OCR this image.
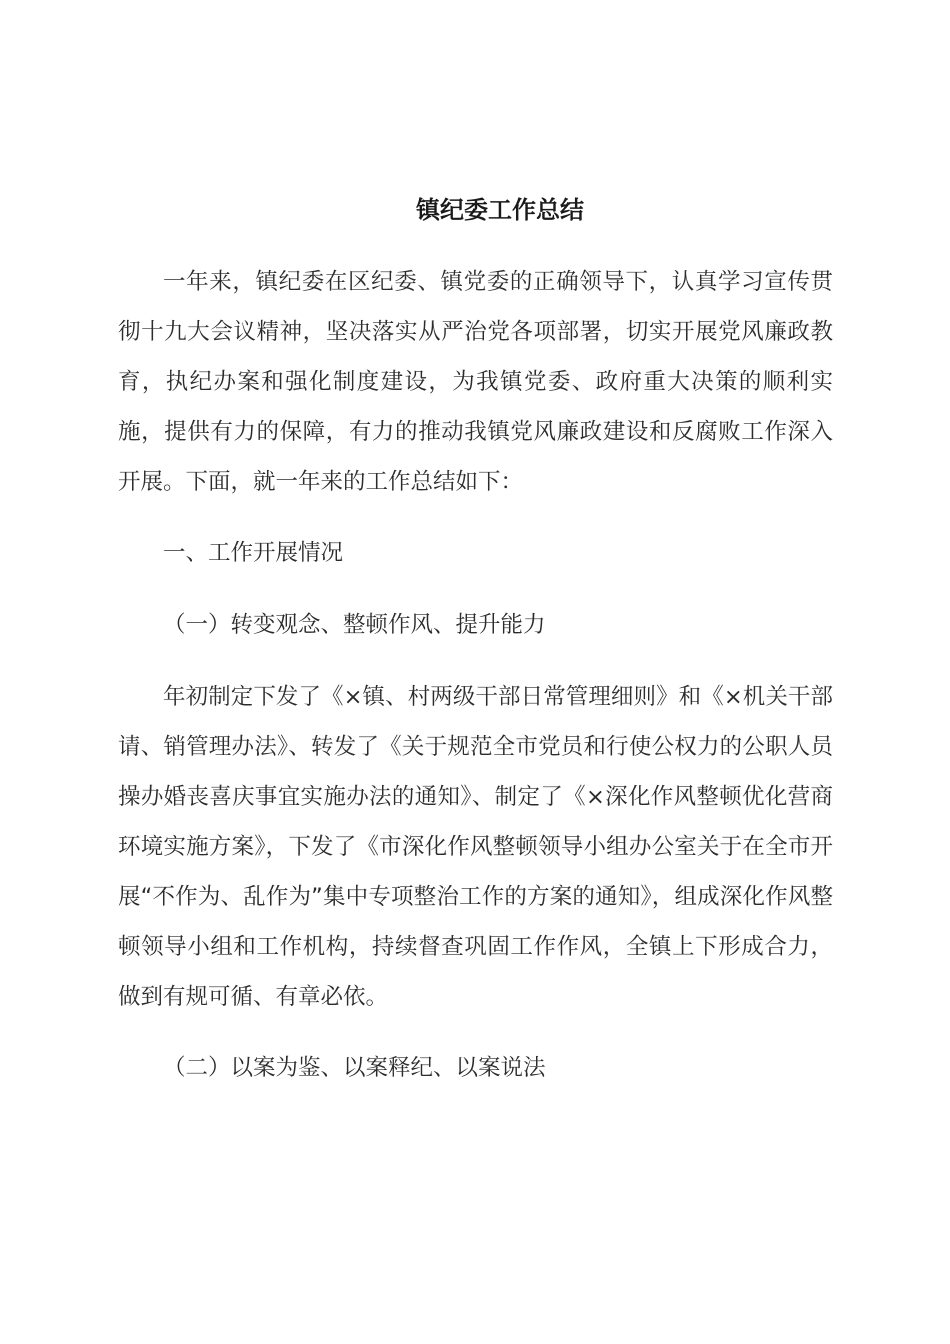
镇纪委工作总结

一年来，镇纪委在区纪委、镇党委的正确领导下，认真学习宣传贯彻十九大会议精神，坚决落实从严治党各项部署，切实开展党风廉政教育，执纪办案和强化制度建设，为我镇党委、政府重大决策的顺利实施，提供有力的保障，有力的推动我镇党风廉政建设和反腐败工作深入开展。下面，就一年来的工作总结如下：

一、工作开展情况

（一）转变观念、整顿作风、提升能力

年初制定下发了《×镇、村两级干部日常管理细则》和《×机关干部请、销管理办法》、转发了《关于规范全市党员和行使公权力的公职人员操办婚丧喜庆事宜实施办法的通知》、制定了《×深化作风整顿优化营商环境实施方案》，下发了《市深化作风整顿领导小组办公室关于在全市开展“不作为、乱作为”集中专项整治工作的方案的通知》，组成深化作风整顿领导小组和工作机构，持续督查巩固工作作风，全镇上下形成合力，做到有规可循、有章必依。

（二）以案为鉴、以案释纪、以案说法
